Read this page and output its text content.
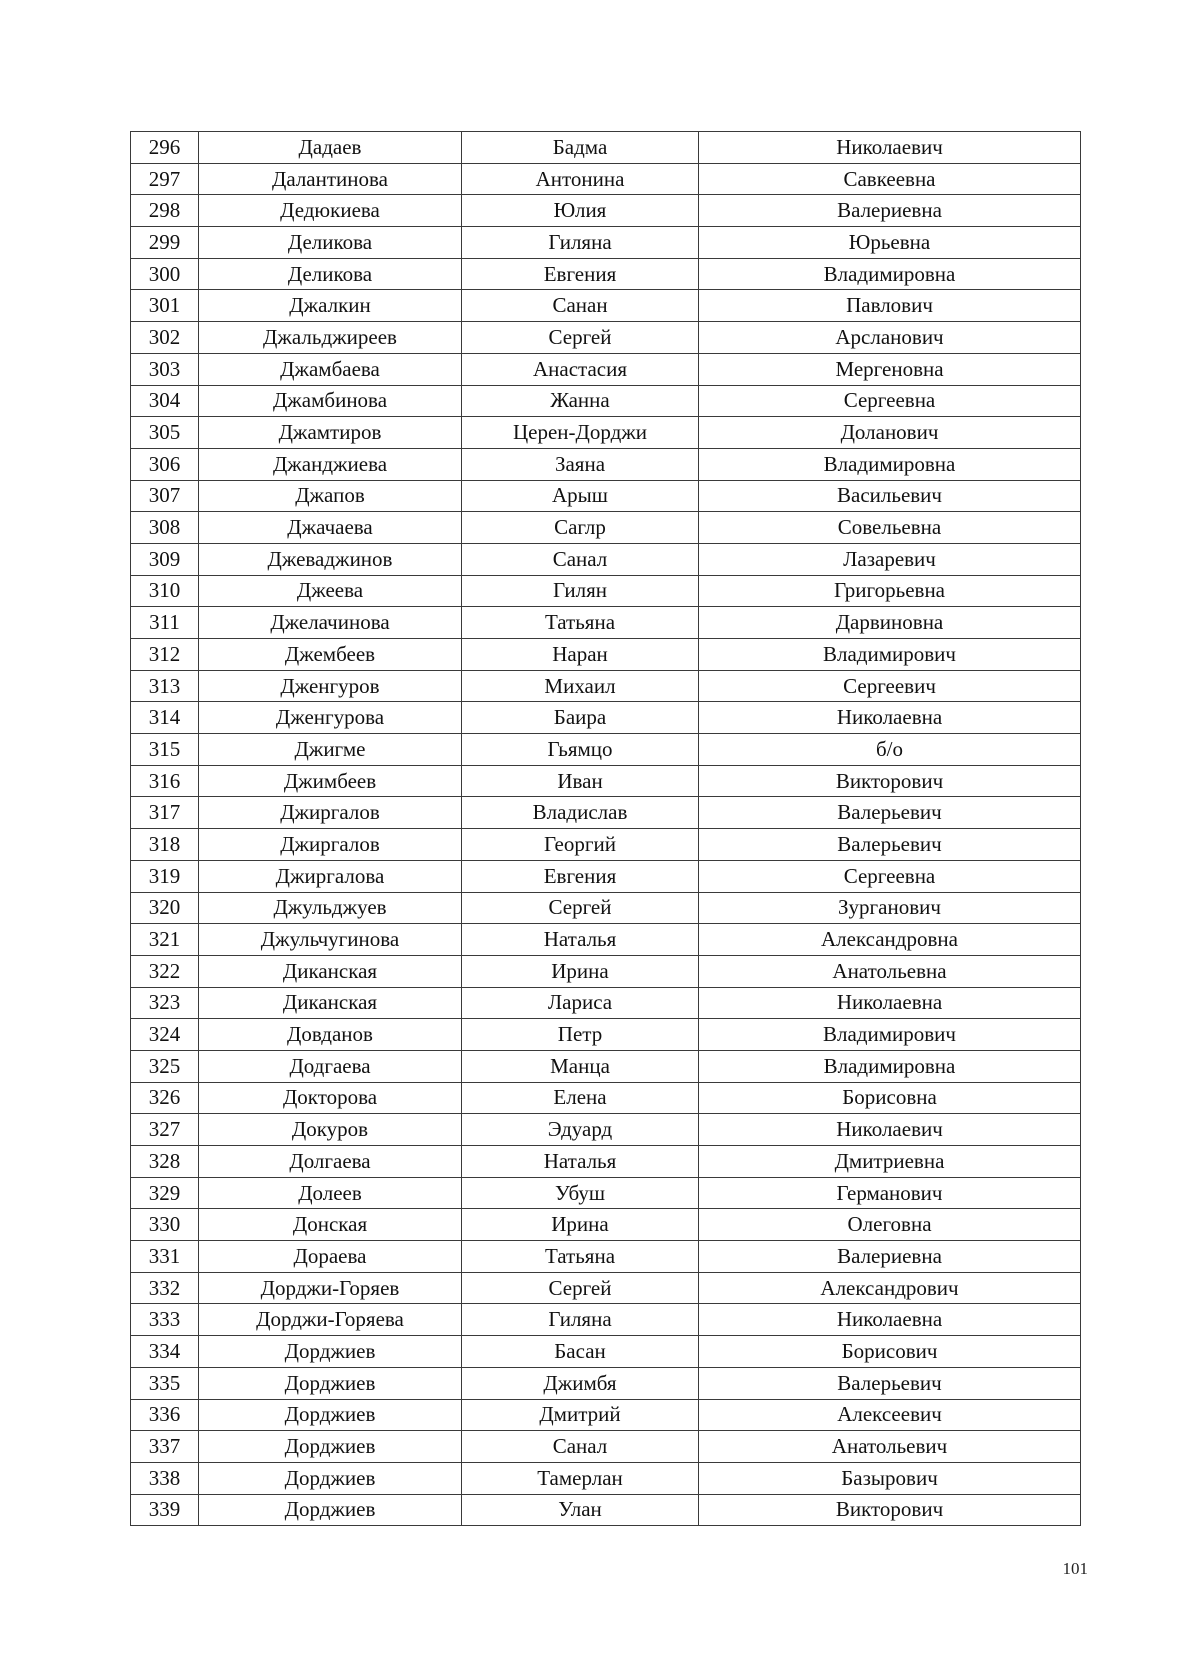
296	Дадаев	Бадма	Николаевич
297	Далантинова	Антонина	Савкеевна
298	Дедюкиева	Юлия	Валериевна
299	Деликова	Гиляна	Юрьевна
300	Деликова	Евгения	Владимировна
301	Джалкин	Санан	Павлович
302	Джальджиреев	Сергей	Арсланович
303	Джамбаева	Анастасия	Мергеновна
304	Джамбинова	Жанна	Сергеевна
305	Джамтиров	Церен-Дорджи	Доланович
306	Джанджиева	Заяна	Владимировна
307	Джапов	Арыш	Васильевич
308	Джачаева	Саглр	Совельевна
309	Джеваджинов	Санал	Лазаревич
310	Джеева	Гилян	Григорьевна
311	Джелачинова	Татьяна	Дарвиновна
312	Джембеев	Наран	Владимирович
313	Дженгуров	Михаил	Сергеевич
314	Дженгурова	Баира	Николаевна
315	Джигме	Гьямцо	б/о
316	Джимбеев	Иван	Викторович
317	Джиргалов	Владислав	Валерьевич
318	Джиргалов	Георгий	Валерьевич
319	Джиргалова	Евгения	Сергеевна
320	Джульджуев	Сергей	Зурганович
321	Джульчугинова	Наталья	Александровна
322	Диканская	Ирина	Анатольевна
323	Диканская	Лариса	Николаевна
324	Довданов	Петр	Владимирович
325	Додгаева	Манца	Владимировна
326	Докторова	Елена	Борисовна
327	Докуров	Эдуард	Николаевич
328	Долгаева	Наталья	Дмитриевна
329	Долеев	Убуш	Германович
330	Донская	Ирина	Олеговна
331	Дораева	Татьяна	Валериевна
332	Дорджи-Горяев	Сергей	Александрович
333	Дорджи-Горяева	Гиляна	Николаевна
334	Дорджиев	Басан	Борисович
335	Дорджиев	Джимбя	Валерьевич
336	Дорджиев	Дмитрий	Алексеевич
337	Дорджиев	Санал	Анатольевич
338	Дорджиев	Тамерлан	Базырович
339	Дорджиев	Улан	Викторович
101
